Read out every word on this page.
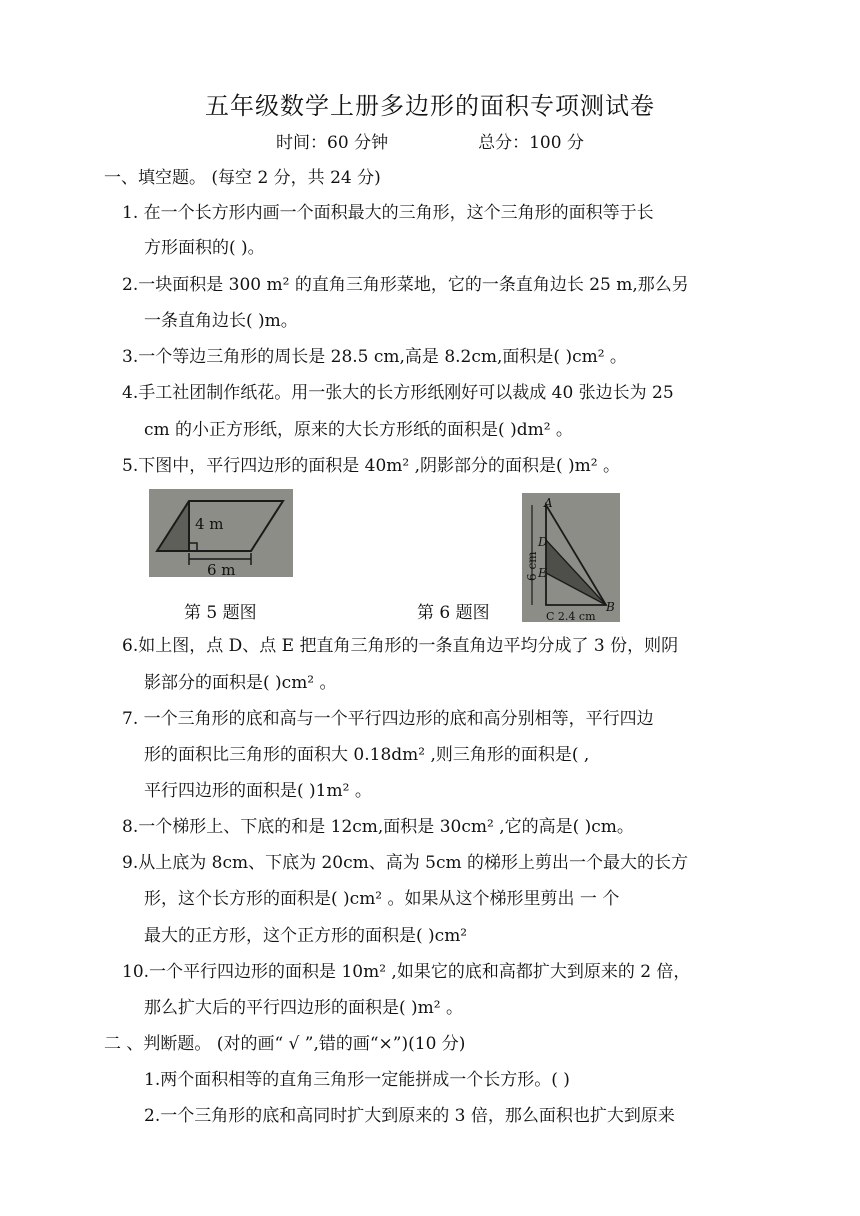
五年级数学上册多边形的面积专项测试卷
时间：60 分钟	总分：100 分
一、填空题。 (每空 2 分，共 24 分)
1. 在一个长方形内画一个面积最大的三角形，这个三角形的面积等于长
方形面积的( )。
2.一块面积是 300 m² 的直角三角形菜地，它的一条直角边长 25 m,那么另
一条直角边长( )m。
3.一个等边三角形的周长是 28.5 cm,高是 8.2cm,面积是( )cm² 。
4.手工社团制作纸花。用一张大的长方形纸刚好可以裁成 40 张边长为 25
cm 的小正方形纸，原来的大长方形纸的面积是( )dm² 。
5.下图中，平行四边形的面积是 40m² ,阴影部分的面积是( )m² 。
4 m
6 m
A
D
E
B
6 cm
C 2.4 cm
第 5 题图	第 6 题图
6.如上图，点 D、点 E 把直角三角形的一条直角边平均分成了 3 份，则阴
影部分的面积是( )cm² 。
7. 一个三角形的底和高与一个平行四边形的底和高分别相等，平行四边
形的面积比三角形的面积大 0.18dm² ,则三角形的面积是( ,
平行四边形的面积是( )1m² 。
8.一个梯形上、下底的和是 12cm,面积是 30cm² ,它的高是( )cm。
9.从上底为 8cm、下底为 20cm、高为 5cm 的梯形上剪出一个最大的长方
形，这个长方形的面积是( )cm² 。如果从这个梯形里剪出 一 个
最大的正方形，这个正方形的面积是( )cm²
10.一个平行四边形的面积是 10m² ,如果它的底和高都扩大到原来的 2 倍，
那么扩大后的平行四边形的面积是( )m² 。
二 、判断题。 (对的画“ √ ”,错的画“×”)(10 分)
1.两个面积相等的直角三角形一定能拼成一个长方形。( )
2.一个三角形的底和高同时扩大到原来的 3 倍，那么面积也扩大到原来
